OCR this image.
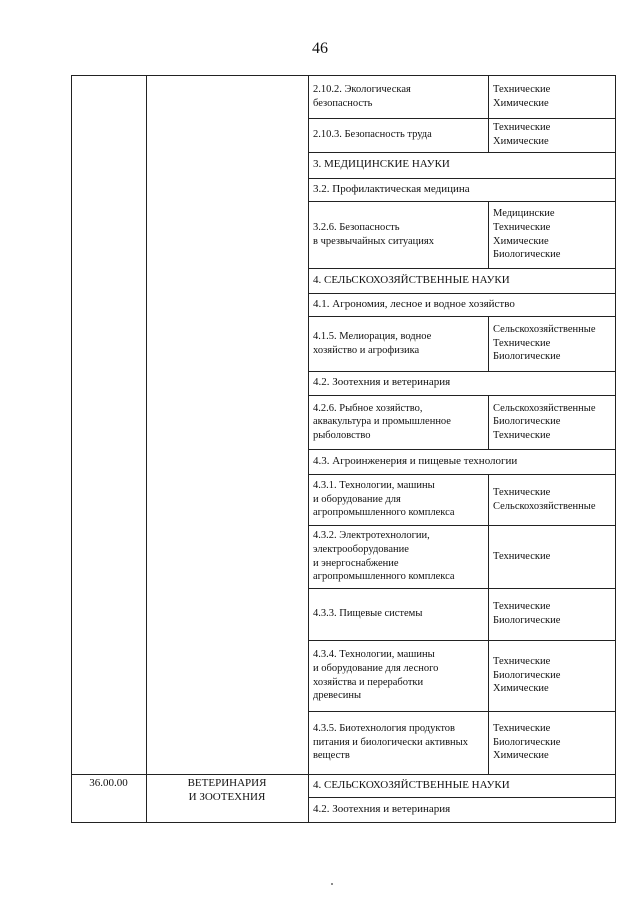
46
2.10.2. Экологическая
безопасность
Технические
Химические
2.10.3. Безопасность труда
Технические
Химические
3. МЕДИЦИНСКИЕ НАУКИ
3.2. Профилактическая медицина
3.2.6. Безопасность
в чрезвычайных ситуациях
Медицинские
Технические
Химические
Биологические
4. СЕЛЬСКОХОЗЯЙСТВЕННЫЕ НАУКИ
4.1. Агрономия, лесное и водное хозяйство
4.1.5. Мелиорация, водное
хозяйство и агрофизика
Сельскохозяйственные
Технические
Биологические
4.2. Зоотехния и ветеринария
4.2.6. Рыбное хозяйство,
аквакультура и промышленное
рыболовство
Сельскохозяйственные
Биологические
Технические
4.3. Агроинженерия и пищевые технологии
4.3.1. Технологии, машины
и оборудование для
агропромышленного комплекса
Технические
Сельскохозяйственные
4.3.2. Электротехнологии,
электрооборудование
и энергоснабжение
агропромышленного комплекса
Технические
4.3.3. Пищевые системы
Технические
Биологические
4.3.4. Технологии, машины
и оборудование для лесного
хозяйства и переработки
древесины
Технические
Биологические
Химические
4.3.5. Биотехнология продуктов
питания и биологически активных
веществ
Технические
Биологические
Химические
4. СЕЛЬСКОХОЗЯЙСТВЕННЫЕ НАУКИ
4.2. Зоотехния и ветеринария
36.00.00	ВЕТЕРИНАРИЯ
И ЗООТЕХНИЯ
